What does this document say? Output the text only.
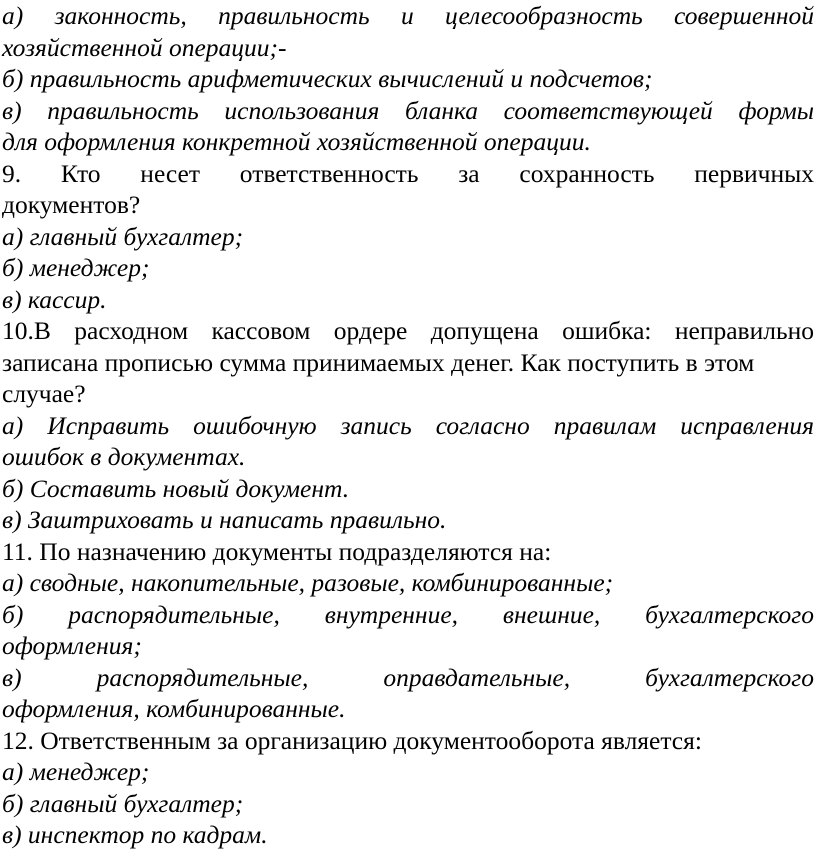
а) законность, правильность и целесообразность совершенной
хозяйственной операции;-
б) правильность арифметических вычислений и подсчетов;
в) правильность использования бланка соответствующей формы
для оформления конкретной хозяйственной операции.
9. Кто несет ответственность за сохранность первичных
документов?
а) главный бухгалтер;
б) менеджер;
в) кассир.
10.В расходном кассовом ордере допущена ошибка: неправильно
записана прописью сумма принимаемых денег. Как поступить в этом
случае?
а) Исправить ошибочную запись согласно правилам исправления
ошибок в документах.
б) Составить новый документ.
в) Заштриховать и написать правильно.
11. По назначению документы подразделяются на:
а) сводные, накопительные, разовые, комбинированные;
б) распорядительные, внутренние, внешние, бухгалтерского
оформления;
в) распорядительные, оправдательные, бухгалтерского
оформления, комбинированные.
12. Ответственным за организацию документооборота является:
а) менеджер;
б) главный бухгалтер;
в) инспектор по кадрам.
